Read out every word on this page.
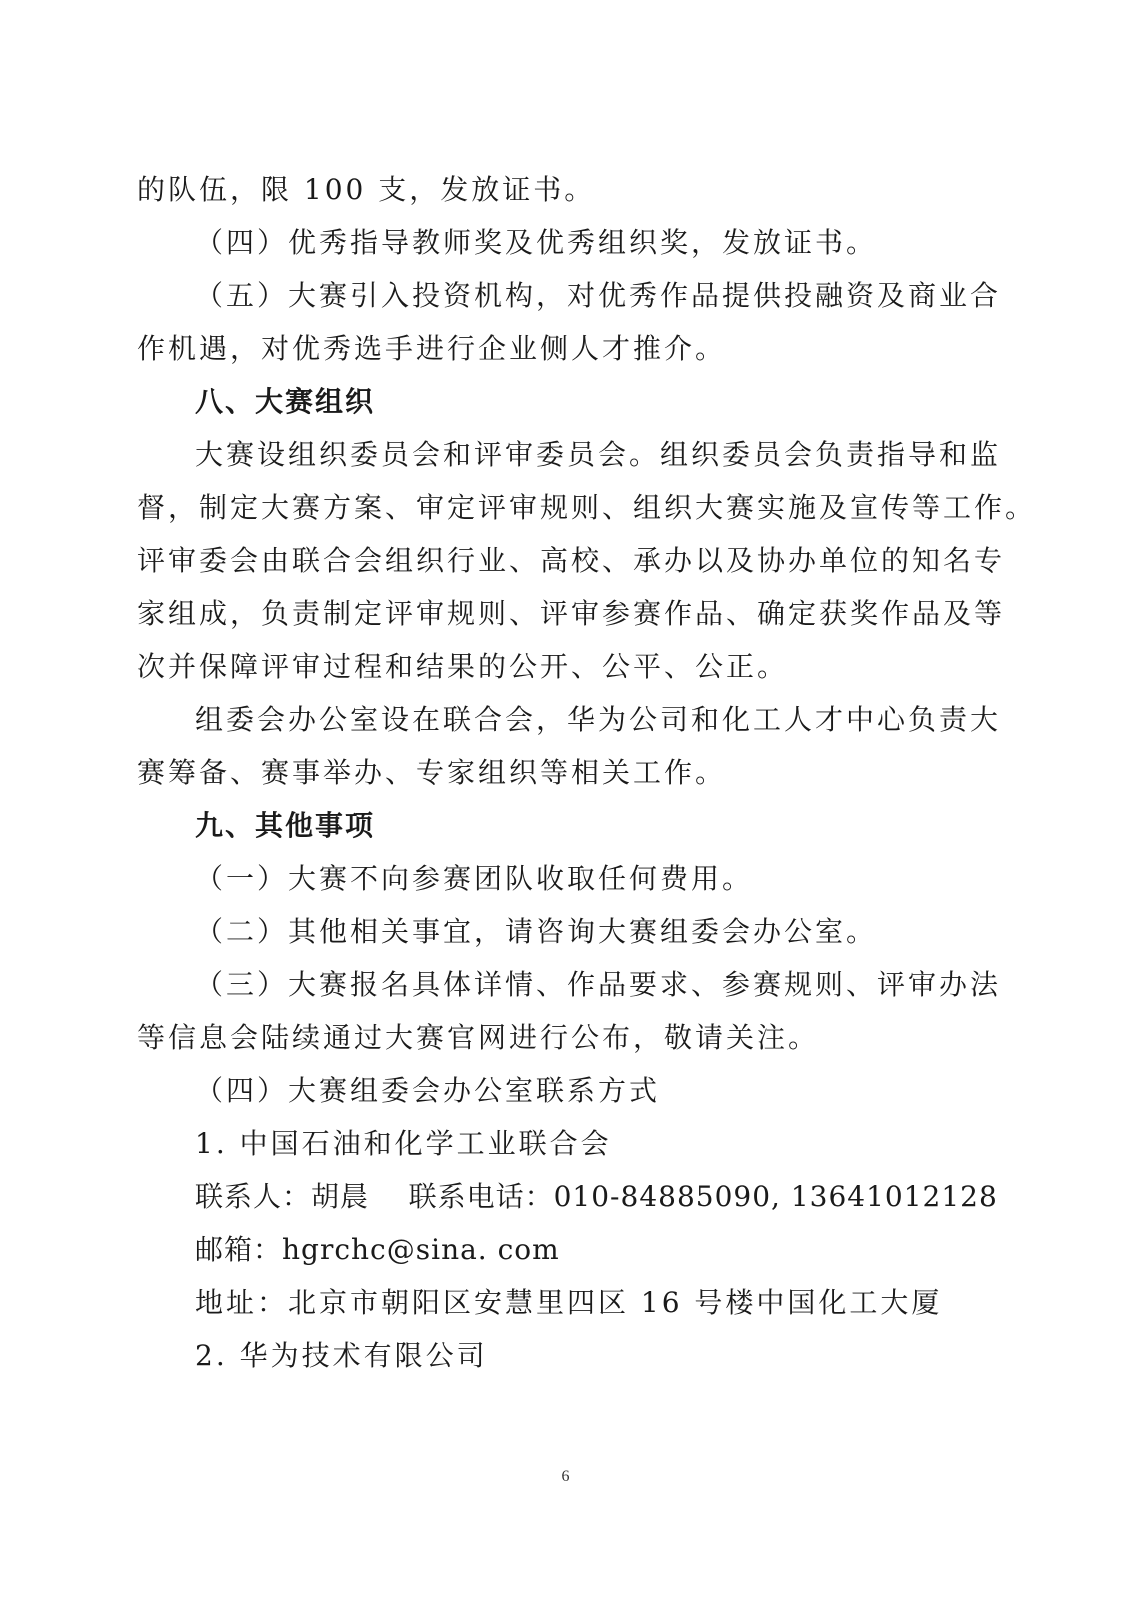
的队伍，限 100 支，发放证书。
（四）优秀指导教师奖及优秀组织奖，发放证书。
（五）大赛引入投资机构，对优秀作品提供投融资及商业合
作机遇，对优秀选手进行企业侧人才推介。
八、大赛组织
大赛设组织委员会和评审委员会。组织委员会负责指导和监
督，制定大赛方案、审定评审规则、组织大赛实施及宣传等工作。
评审委会由联合会组织行业、高校、承办以及协办单位的知名专
家组成，负责制定评审规则、评审参赛作品、确定获奖作品及等
次并保障评审过程和结果的公开、公平、公正。
组委会办公室设在联合会，华为公司和化工人才中心负责大
赛筹备、赛事举办、专家组织等相关工作。
九、其他事项
（一）大赛不向参赛团队收取任何费用。
（二）其他相关事宜，请咨询大赛组委会办公室。
（三）大赛报名具体详情、作品要求、参赛规则、评审办法
等信息会陆续通过大赛官网进行公布，敬请关注。
（四）大赛组委会办公室联系方式
1. 中国石油和化学工业联合会
联系人：胡晨    联系电话：010-84885090, 13641012128
邮箱：hgrchc@sina. com
地址：北京市朝阳区安慧里四区 16 号楼中国化工大厦
2. 华为技术有限公司
6
